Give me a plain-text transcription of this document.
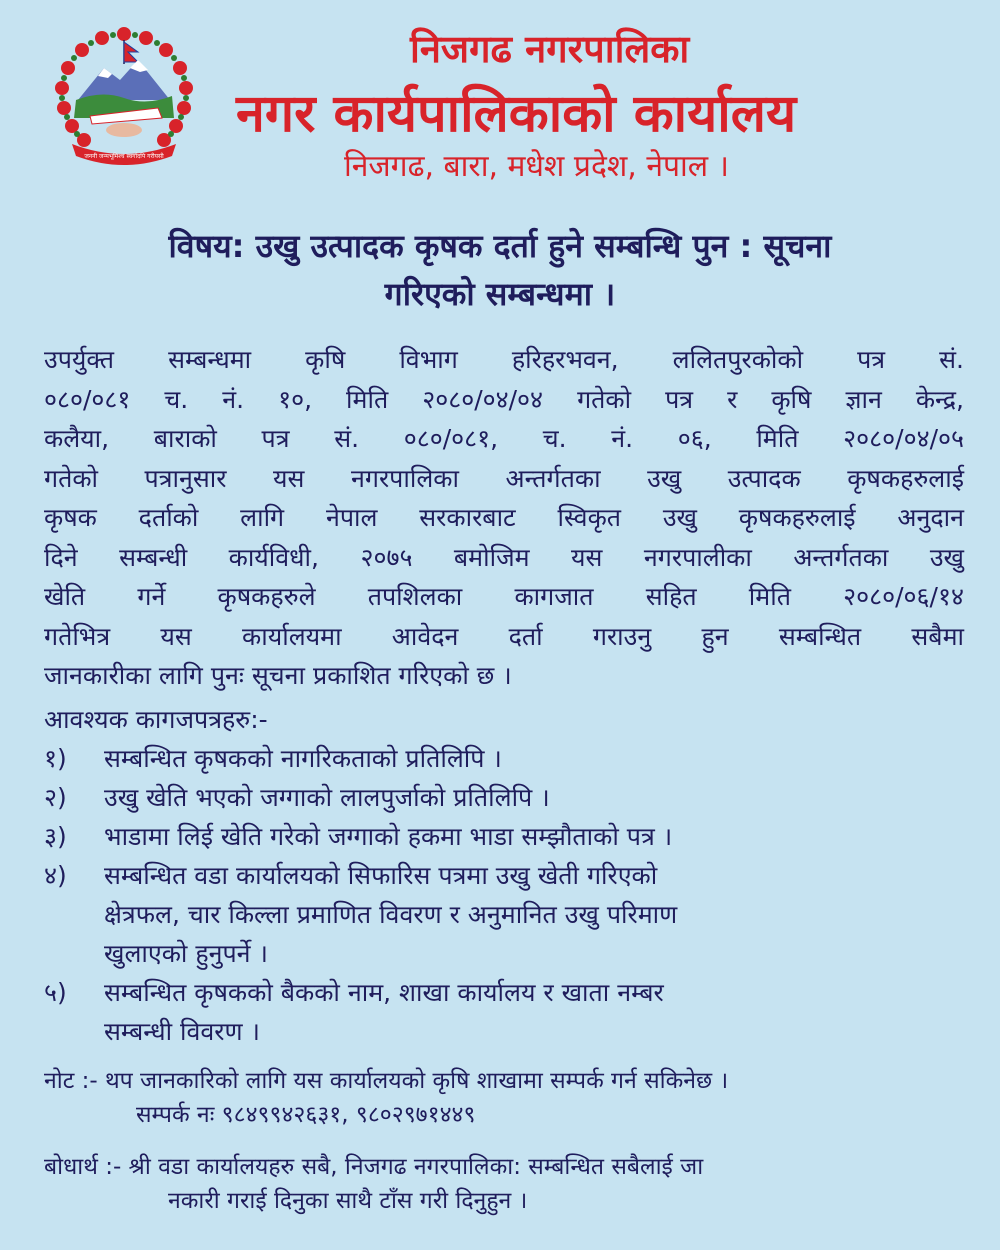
जननी जन्मभूमिश्च स्वर्गादपि गरीयसी
निजगढ नगरपालिका
नगर कार्यपालिकाको कार्यालय
निजगढ, बारा, मधेश प्रदेश, नेपाल ।
विषय: उखु उत्पादक कृषक दर्ता हुने सम्बन्धि पुन : सूचना
गरिएको सम्बन्धमा ।
उपर्युक्त सम्बन्धमा कृषि विभाग हरिहरभवन, ललितपुरकोको पत्र सं.
०८०/०८१ च. नं. १०, मिति २०८०/०४/०४ गतेको पत्र र कृषि ज्ञान केन्द्र,
कलैया, बाराको पत्र सं. ०८०/०८१, च. नं. ०६, मिति २०८०/०४/०५
गतेको पत्रानुसार यस नगरपालिका अन्तर्गतका उखु उत्पादक कृषकहरुलाई
कृषक दर्ताको लागि नेपाल सरकारबाट स्विकृत उखु कृषकहरुलाई अनुदान
दिने सम्बन्धी कार्यविधी, २०७५ बमोजिम यस नगरपालीका अन्तर्गतका उखु
खेति गर्ने कृषकहरुले तपशिलका कागजात सहित मिति २०८०/०६/१४
गतेभित्र यस कार्यालयमा आवेदन दर्ता गराउनु हुन सम्बन्धित सबैमा
जानकारीका लागि पुनः सूचना प्रकाशित गरिएको छ ।
आवश्यक कागजपत्रहरु:-
१) सम्बन्धित कृषकको नागरिकताको प्रतिलिपि ।
२) उखु खेति भएको जग्गाको लालपुर्जाको प्रतिलिपि ।
३) भाडामा लिई खेति गरेको जग्गाको हकमा भाडा सम्झौताको पत्र ।
४) सम्बन्धित वडा कार्यालयको सिफारिस पत्रमा उखु खेती गरिएको
क्षेत्रफल, चार किल्ला प्रमाणित विवरण र अनुमानित उखु परिमाण
खुलाएको हुनुपर्ने ।
५) सम्बन्धित कृषकको बैकको नाम, शाखा कार्यालय र खाता नम्बर
सम्बन्धी विवरण ।
नोट :- थप जानकारिको लागि यस कार्यालयको कृषि शाखामा सम्पर्क गर्न सकिनेछ ।
सम्पर्क नः ९८४९९४२६३१, ९८०२९७१४४९
बोधार्थ :- श्री वडा कार्यालयहरु सबै, निजगढ नगरपालिका: सम्बन्धित सबैलाई जा
नकारी गराई दिनुका साथै टाँस गरी दिनुहुन ।
